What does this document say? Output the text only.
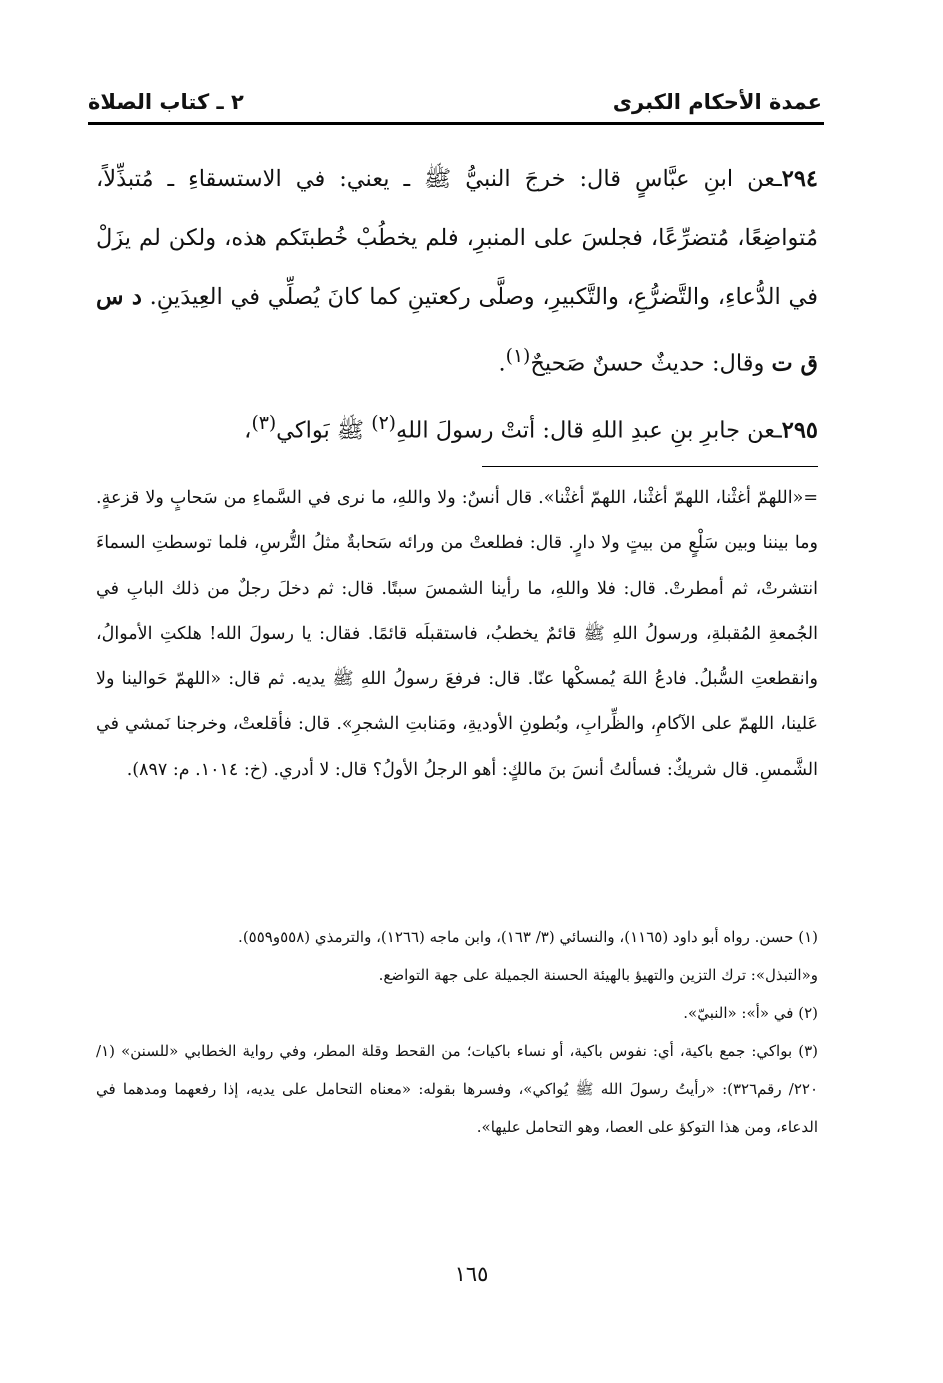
عمدة الأحكام الكبرى
٢ ـ كتاب الصلاة

٢٩٤ـعن ابنِ عبَّاسٍ قال: خرجَ النبيُّ ﷺ ـ يعني: في الاستسقاءِ ـ مُتبذِّلاً، مُتواضِعًا، مُتضرِّعًا، فجلسَ على المنبرِ، فلم يخطُبْ خُطبتَكم هذه، ولكن لم يزَلْ في الدُّعاءِ، والتَّضرُّعِ، والتَّكبيرِ، وصلَّى ركعتينِ كما كانَ يُصلِّي في العِيدَينِ. د س ق ت وقال: حديثٌ حسنٌ صَحيحٌ$^{(١)}$.

٢٩٥ـعن جابرِ بنِ عبدِ اللهِ قال: أتتْ رسولَ اللهِ$^{(٢)}$ ﷺ بَواكي$^{(٣)}$،

=«اللهمّ أغثْنا، اللهمّ أغثْنا، اللهمّ أغثْنا». قال أنسٌ: ولا واللهِ، ما نرى في السَّماءِ من سَحابٍ ولا قزعةٍ. وما بيننا وبين سَلْعٍ من بيتٍ ولا دارٍ. قال: فطلعتْ من ورائه سَحابةٌ مثلُ التُّرسِ، فلما توسطتِ السماءَ انتشرتْ، ثم أمطرتْ. قال: فلا واللهِ، ما رأينا الشمسَ سبتًا. قال: ثم دخلَ رجلٌ من ذلك البابِ في الجُمعةِ المُقبلةِ، ورسولُ اللهِ ﷺ قائمٌ يخطبُ، فاستقبلَه قائمًا. فقال: يا رسولَ الله! هلكتِ الأموالُ، وانقطعتِ السُّبلُ. فادعُ اللهَ يُمسكْها عنّا. قال: فرفعَ رسولُ اللهِ ﷺ يديه. ثم قال: «اللهمّ حَوالينا ولا عَلينا، اللهمّ على الآكامِ، والظِّرابِ، وبُطونِ الأوديةِ، ومَنابتِ الشجرِ». قال: فأقلعتْ، وخرجنا نَمشي في الشَّمسِ. قال شريكٌ: فسألتُ أنسَ بنَ مالكٍ: أهو الرجلُ الأولُ؟ قال: لا أدري. (خ: ١٠١٤. م: ٨٩٧).

(١) حسن. رواه أبو داود (١١٦٥)، والنسائي (٣/ ١٦٣)، وابن ماجه (١٢٦٦)، والترمذي (٥٥٨و٥٥٩).

و«التبذل»: ترك التزين والتهيؤ بالهيئة الحسنة الجميلة على جهة التواضع.

(٢) في «أ»: «النبيّ».

(٣) بواكي: جمع باكية، أي: نفوس باكية، أو نساء باكيات؛ من القحط وقلة المطر، وفي رواية الخطابي «للسنن» (١/ ٢٢٠/ رقم٣٢٦): «رأيتُ رسولَ الله ﷺ يُواكي»، وفسرها بقوله: «معناه التحامل على يديه، إذا رفعهما ومدهما في الدعاء، ومن هذا التوكؤ على العصا، وهو التحامل عليها».

١٦٥
